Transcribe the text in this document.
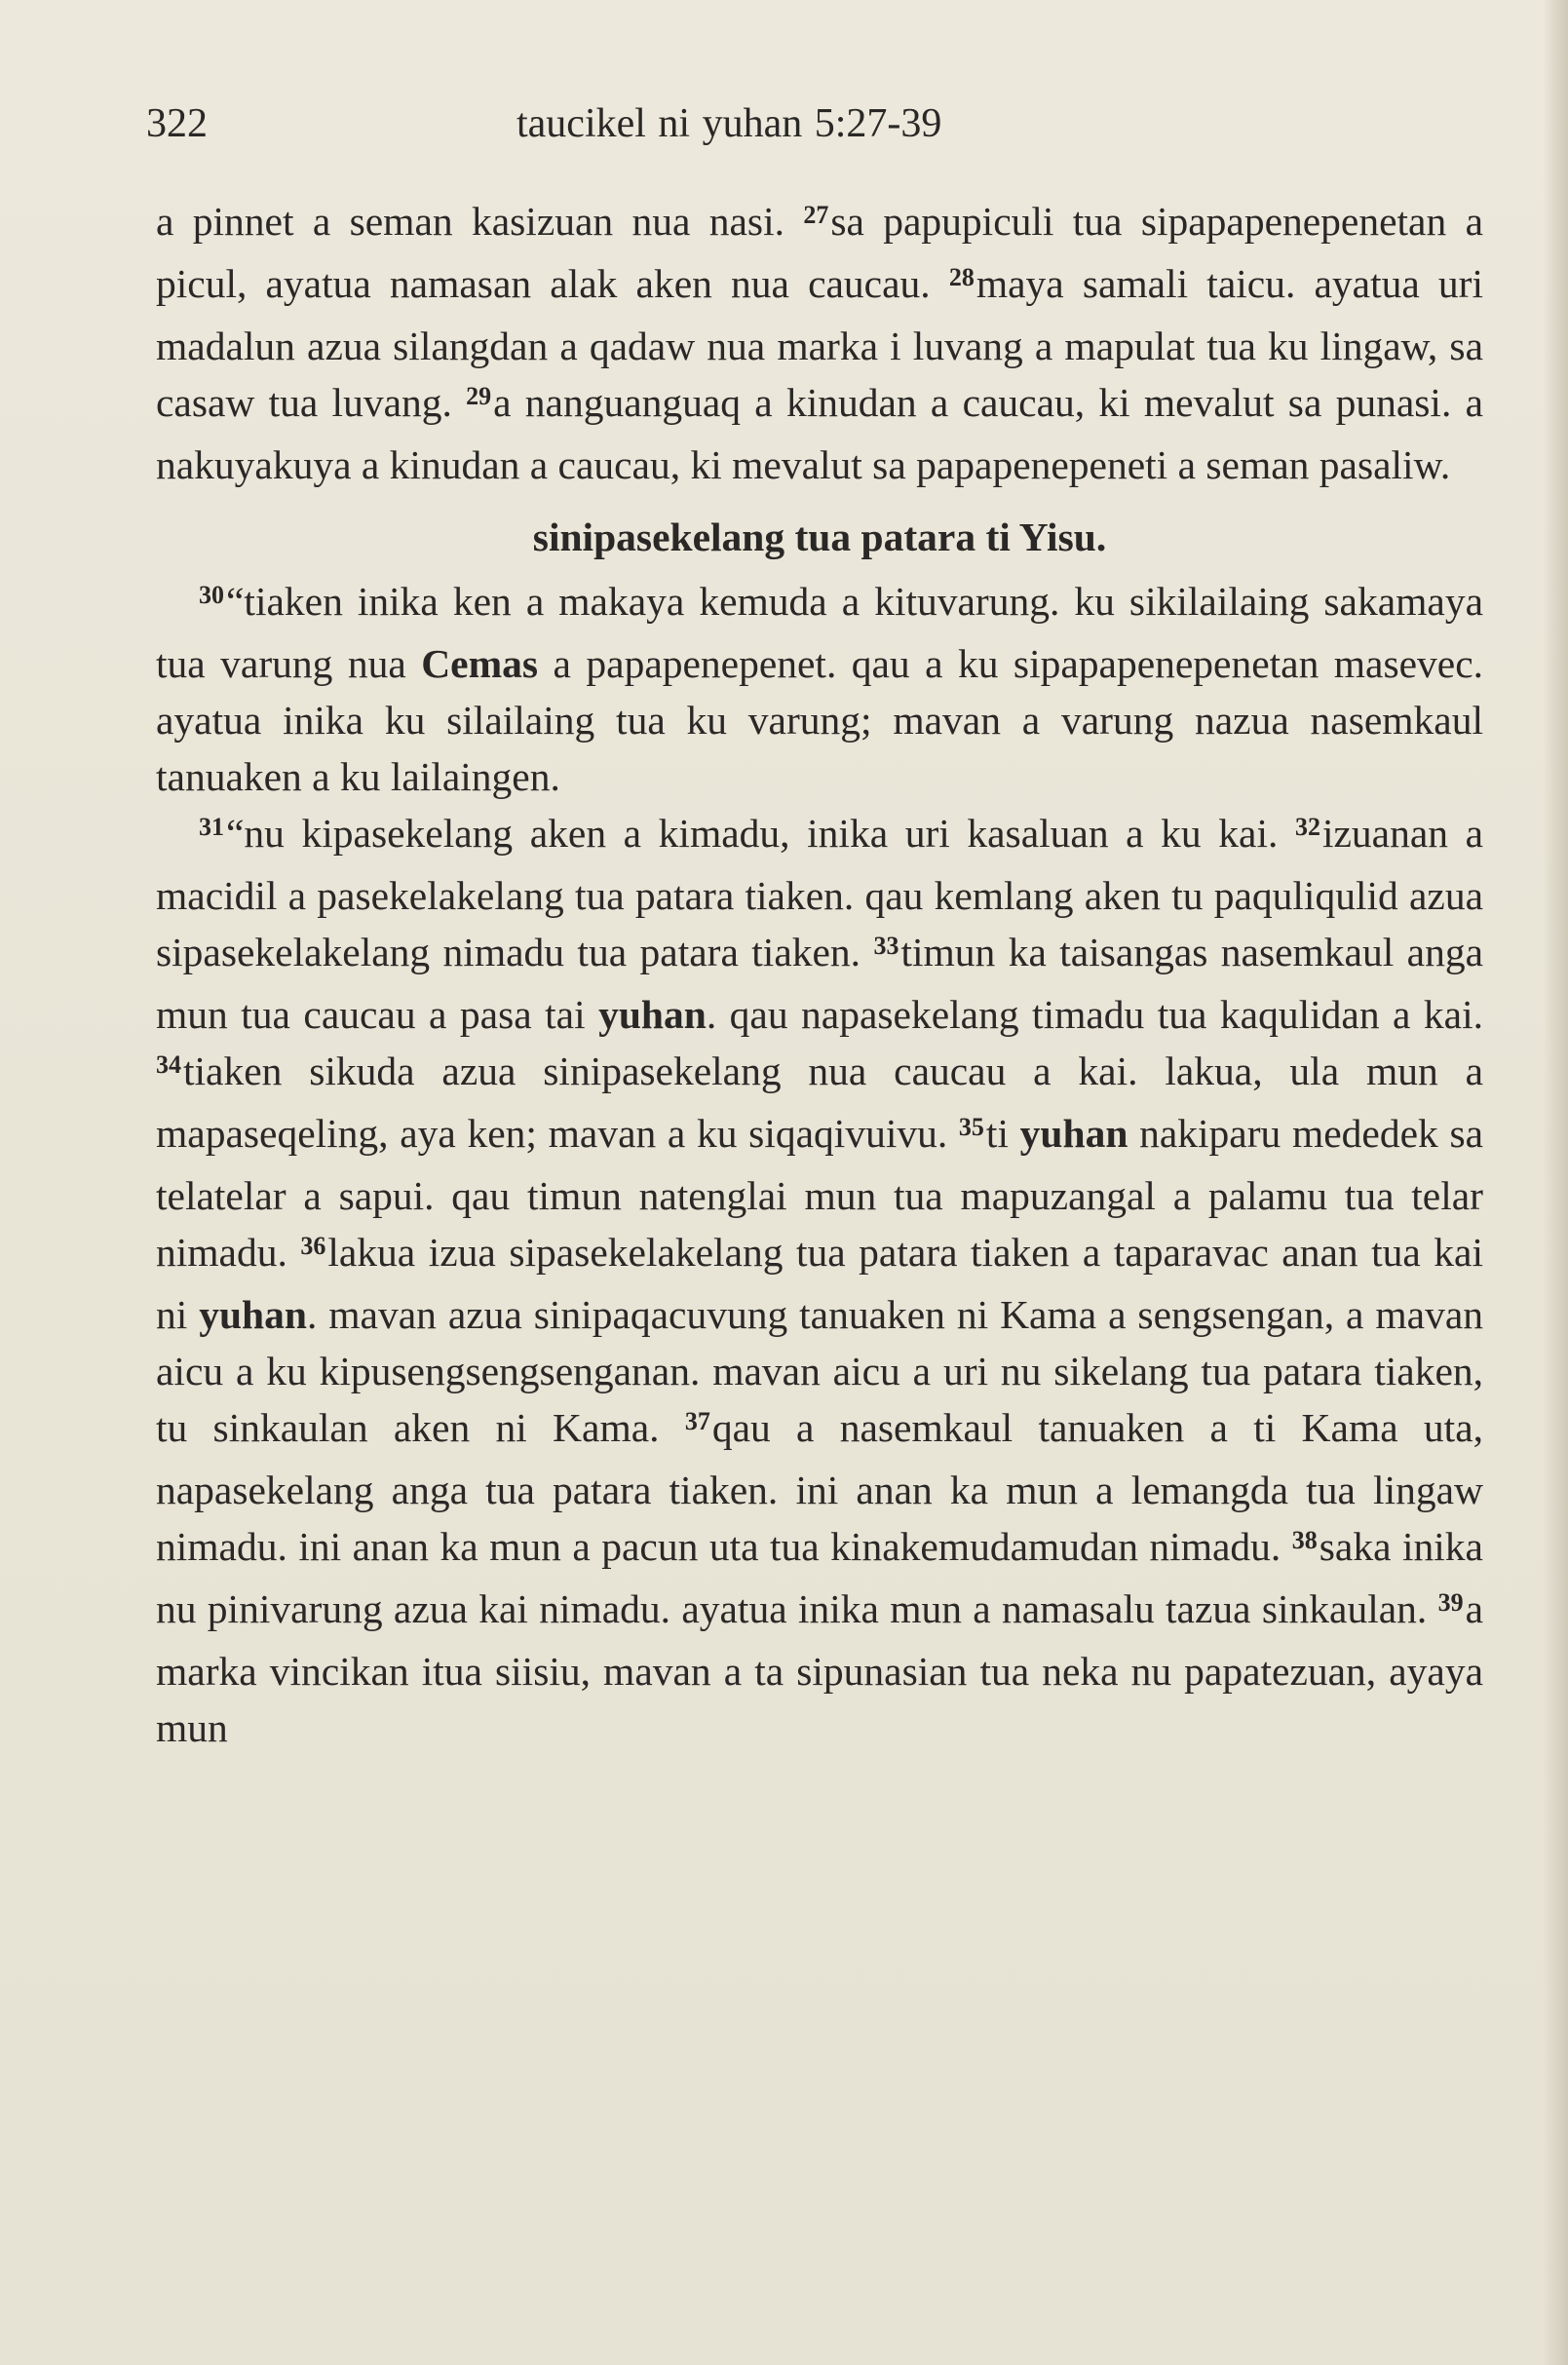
322	taucikel ni yuhan 5:27-39

a pinnet a seman kasizuan nua nasi. $^{27}$sa papupiculi tua sipapapenepenetan a picul, ayatua namasan alak aken nua caucau. $^{28}$maya samali taicu. ayatua uri madalun azua silangdan a qadaw nua marka i luvang a mapulat tua ku lingaw, sa casaw tua luvang. $^{29}$a nanguanguaq a kinudan a caucau, ki mevalut sa punasi. a nakuyakuya a kinudan a caucau, ki mevalut sa papapenepeneti a seman pasaliw.

sinipasekelang tua patara ti Yisu.

$^{30}$“tiaken inika ken a makaya kemuda a kituvarung. ku sikilailaing sakamaya tua varung nua Cemas a papapenepenet. qau a ku sipapapenepenetan masevec. ayatua inika ku silailaing tua ku varung; mavan a varung nazua nasemkaul tanuaken a ku lailaingen.

$^{31}$“nu kipasekelang aken a kimadu, inika uri kasaluan a ku kai. $^{32}$izuanan a macidil a pasekelakelang tua patara tiaken. qau kemlang aken tu paquliqulid azua sipasekelakelang nimadu tua patara tiaken. $^{33}$timun ka taisangas nasemkaul anga mun tua caucau a pasa tai yuhan. qau napasekelang timadu tua kaqulidan a kai. $^{34}$tiaken sikuda azua sinipasekelang nua caucau a kai. lakua, ula mun a mapaseqeling, aya ken; mavan a ku siqaqivuivu. $^{35}$ti yuhan nakiparu mededek sa telatelar a sapui. qau timun natenglai mun tua mapuzangal a palamu tua telar nimadu. $^{36}$lakua izua sipasekelakelang tua patara tiaken a taparavac anan tua kai ni yuhan. mavan azua sinipaqacuvung tanuaken ni Kama a sengsengan, a mavan aicu a ku kipusengsengsenganan. mavan aicu a uri nu sikelang tua patara tiaken, tu sinkaulan aken ni Kama. $^{37}$qau a nasemkaul tanuaken a ti Kama uta, napasekelang anga tua patara tiaken. ini anan ka mun a lemangda tua lingaw nimadu. ini anan ka mun a pacun uta tua kinakemudamudan nimadu. $^{38}$saka inika nu pinivarung azua kai nimadu. ayatua inika mun a namasalu tazua sinkaulan. $^{39}$a marka vincikan itua siisiu, mavan a ta sipunasian tua neka nu papatezuan, ayaya mun
